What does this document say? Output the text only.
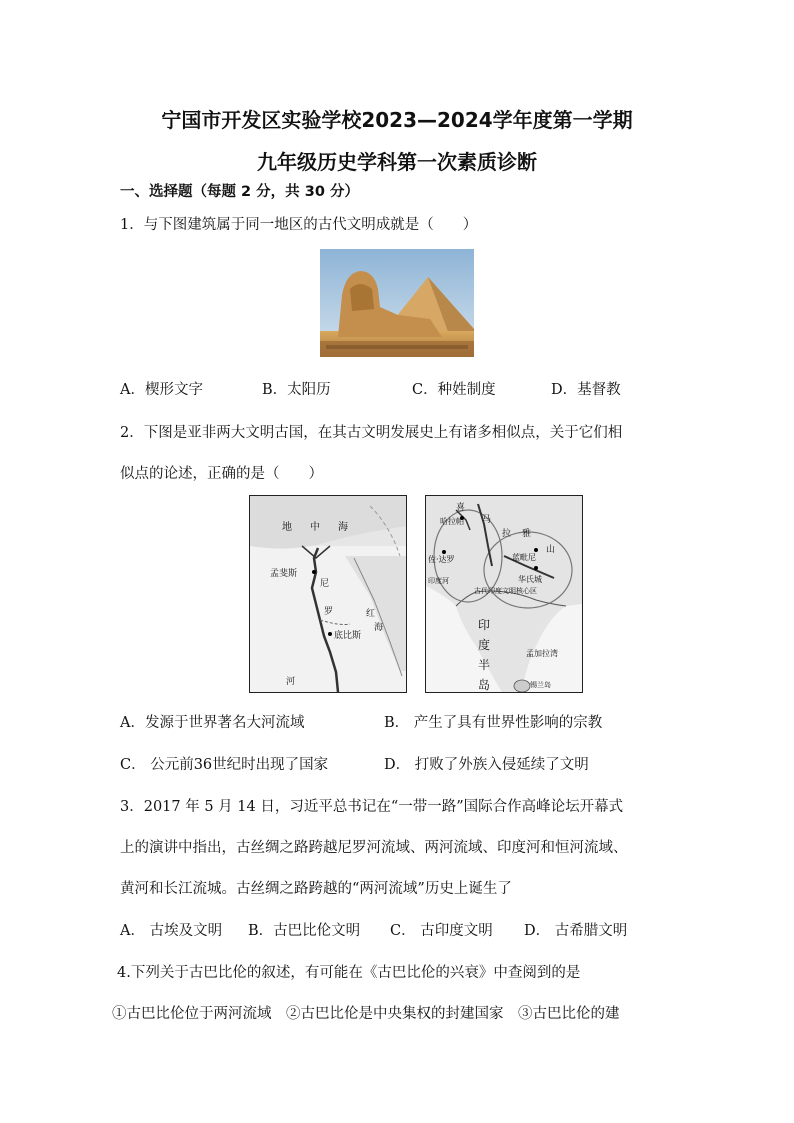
宁国市开发区实验学校2023—2024学年度第一学期
九年级历史学科第一次素质诊断
一、选择题（每题 2 分，共 30 分）
1．与下图建筑属于同一地区的古代文明成就是（　　）
A．楔形文字	B．太阳历	C．种姓制度	D．基督教
2．下图是亚非两大文明古国，在其古文明发展史上有诸多相似点，关于它们相
似点的论述，正确的是（　　）
地 中 海
孟斐斯
尼
红
海
底比斯
罗
河
喜
马
拉 雅
山
哈拉帕
蓝毗尼
佐·达罗
华氏城
古代印度文明核心区
印
度
半
岛
孟加拉湾
锡兰岛
印度河
A．发源于世界著名大河流域	B． 产生了具有世界性影响的宗教
C． 公元前36世纪时出现了国家	D． 打败了外族入侵延续了文明
3．2017 年 5 月 14 日，习近平总书记在“一带一路”国际合作高峰论坛开幕式
上的演讲中指出，古丝绸之路跨越尼罗河流域、两河流域、印度河和恒河流域、
黄河和长江流城。古丝绸之路跨越的“两河流域”历史上诞生了
A． 古埃及文明 B．古巴比伦文明 C． 古印度文明 D． 古希腊文明
4.下列关于古巴比伦的叙述，有可能在《古巴比伦的兴衰》中查阅到的是
①古巴比伦位于两河流域　②古巴比伦是中央集权的封建国家　③古巴比伦的建
